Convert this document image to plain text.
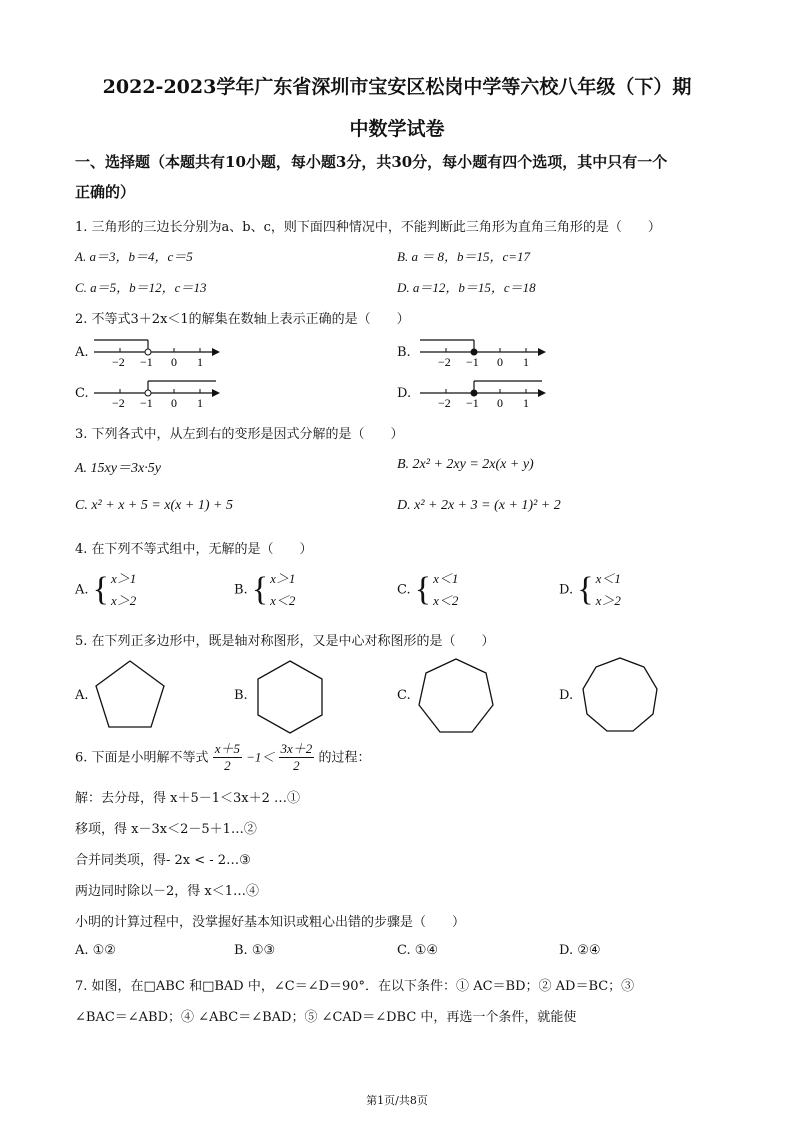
2022-2023学年广东省深圳市宝安区松岗中学等六校八年级（下）期
中数学试卷
一、选择题（本题共有10小题，每小题3分，共30分，每小题有四个选项，其中只有一个
正确的）
1. 三角形的三边长分别为a、b、c，则下面四种情况中，不能判断此三角形为直角三角形的是（　　）
A. a＝3，b＝4，c＝5	B. a ＝ 8，b＝15，c=17
C. a＝5，b＝12，c＝13	D. a＝12，b＝15，c＝18
2. 不等式3＋2x＜1的解集在数轴上表示正确的是（　　）
A.
−2 −1 0 1
B.
−2 −1 0 1
C.
−2 −1 0 1
D.
−2 −1 0 1
3. 下列各式中，从左到右的变形是因式分解的是（　　）
A. 15xy＝3x·5y	B. 2x² + 2xy = 2x(x + y)
C. x² + x + 5 = x(x + 1) + 5	D. x² + 2x + 3 = (x + 1)² + 2
4. 在下列不等式组中，无解的是（　　）
A. { x＞1
x＞2
B. { x＞1
x＜2
C. { x＜1
x＜2
D. { x＜1
x＞2
5. 在下列正多边形中，既是轴对称图形，又是中心对称图形的是（　　）
A.	B.	C.	D.
6. 下面是小明解不等式 $\frac{x+5}{2} -1< \frac{3x+2}{2}$ 的过程：
解：去分母，得 x＋5－1＜3x＋2 …①
移项，得 x－3x＜2－5＋1…②
合并同类项，得- 2x < - 2…③
两边同时除以－2，得 x＜1…④
小明的计算过程中，没掌握好基本知识或粗心出错的步骤是（　　）
A. ①②	B. ①③	C. ①④	D. ②④
7. 如图，在□ABC 和□BAD 中，∠C＝∠D＝90°．在以下条件：① AC＝BD；② AD＝BC；③
∠BAC＝∠ABD；④ ∠ABC＝∠BAD；⑤ ∠CAD＝∠DBC 中，再选一个条件，就能使
第1页/共8页
